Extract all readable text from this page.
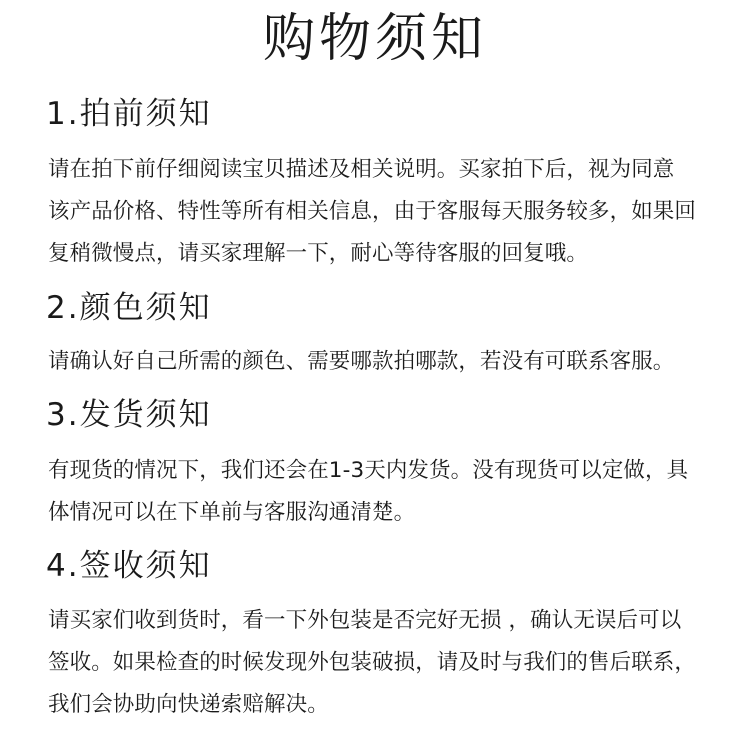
购物须知
1.拍前须知

请在拍下前仔细阅读宝贝描述及相关说明。买家拍下后，视为同意
该产品价格、特性等所有相关信息，由于客服每天服务较多，如果回
复稍微慢点，请买家理解一下，耐心等待客服的回复哦。

2.颜色须知

请确认好自己所需的颜色、需要哪款拍哪款，若没有可联系客服。

3.发货须知

有现货的情况下，我们还会在1-3天内发货。没有现货可以定做，具
体情况可以在下单前与客服沟通清楚。

4.签收须知

请买家们收到货时，看一下外包装是否完好无损 ，确认无误后可以
签收。如果检查的时候发现外包装破损，请及时与我们的售后联系，
我们会协助向快递索赔解决。
